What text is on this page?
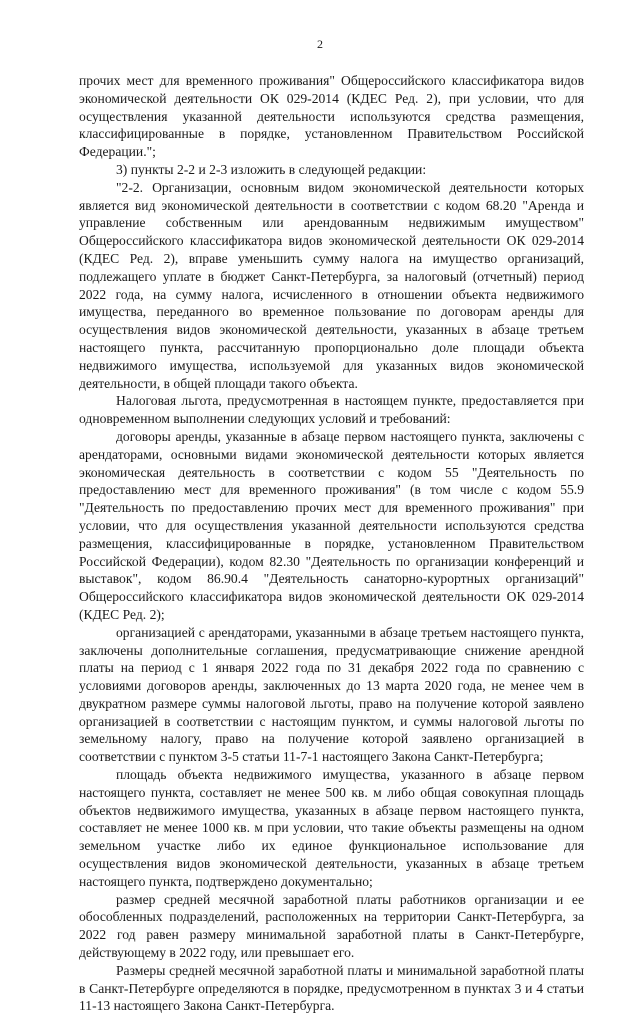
2

прочих мест для временного проживания" Общероссийского классификатора видов экономической деятельности ОК 029-2014 (КДЕС Ред. 2), при условии, что для осуществления указанной деятельности используются средства размещения, классифицированные в порядке, установленном Правительством Российской Федерации.";

3) пункты 2-2 и 2-3 изложить в следующей редакции:

"2-2. Организации, основным видом экономической деятельности которых является вид экономической деятельности в соответствии с кодом 68.20 "Аренда и управление собственным или арендованным недвижимым имуществом" Общероссийского классификатора видов экономической деятельности ОК 029-2014 (КДЕС Ред. 2), вправе уменьшить сумму налога на имущество организаций, подлежащего уплате в бюджет Санкт-Петербурга, за налоговый (отчетный) период 2022 года, на сумму налога, исчисленного в отношении объекта недвижимого имущества, переданного во временное пользование по договорам аренды для осуществления видов экономической деятельности, указанных в абзаце третьем настоящего пункта, рассчитанную пропорционально доле площади объекта недвижимого имущества, используемой для указанных видов экономической деятельности, в общей площади такого объекта.

Налоговая льгота, предусмотренная в настоящем пункте, предоставляется при одновременном выполнении следующих условий и требований:

договоры аренды, указанные в абзаце первом настоящего пункта, заключены с арендаторами, основными видами экономической деятельности которых является экономическая деятельность в соответствии с кодом 55 "Деятельность по предоставлению мест для временного проживания" (в том числе с кодом 55.9 "Деятельность по предоставлению прочих мест для временного проживания" при условии, что для осуществления указанной деятельности используются средства размещения, классифицированные в порядке, установленном Правительством Российской Федерации), кодом 82.30 "Деятельность по организации конференций и выставок", кодом 86.90.4 "Деятельность санаторно-курортных организаций" Общероссийского классификатора видов экономической деятельности ОК 029-2014 (КДЕС Ред. 2);

организацией с арендаторами, указанными в абзаце третьем настоящего пункта, заключены дополнительные соглашения, предусматривающие снижение арендной платы на период с 1 января 2022 года по 31 декабря 2022 года по сравнению с условиями договоров аренды, заключенных до 13 марта 2020 года, не менее чем в двукратном размере суммы налоговой льготы, право на получение которой заявлено организацией в соответствии с настоящим пунктом, и суммы налоговой льготы по земельному налогу, право на получение которой заявлено организацией в соответствии с пунктом 3-5 статьи 11-7-1 настоящего Закона Санкт-Петербурга;

площадь объекта недвижимого имущества, указанного в абзаце первом настоящего пункта, составляет не менее 500 кв. м либо общая совокупная площадь объектов недвижимого имущества, указанных в абзаце первом настоящего пункта, составляет не менее 1000 кв. м при условии, что такие объекты размещены на одном земельном участке либо их единое функциональное использование для осуществления видов экономической деятельности, указанных в абзаце третьем настоящего пункта, подтверждено документально;

размер средней месячной заработной платы работников организации и ее обособленных подразделений, расположенных на территории Санкт-Петербурга, за 2022 год равен размеру минимальной заработной платы в Санкт-Петербурге, действующему в 2022 году, или превышает его.

Размеры средней месячной заработной платы и минимальной заработной платы в Санкт-Петербурге определяются в порядке, предусмотренном в пунктах 3 и 4 статьи 11-13 настоящего Закона Санкт-Петербурга.
